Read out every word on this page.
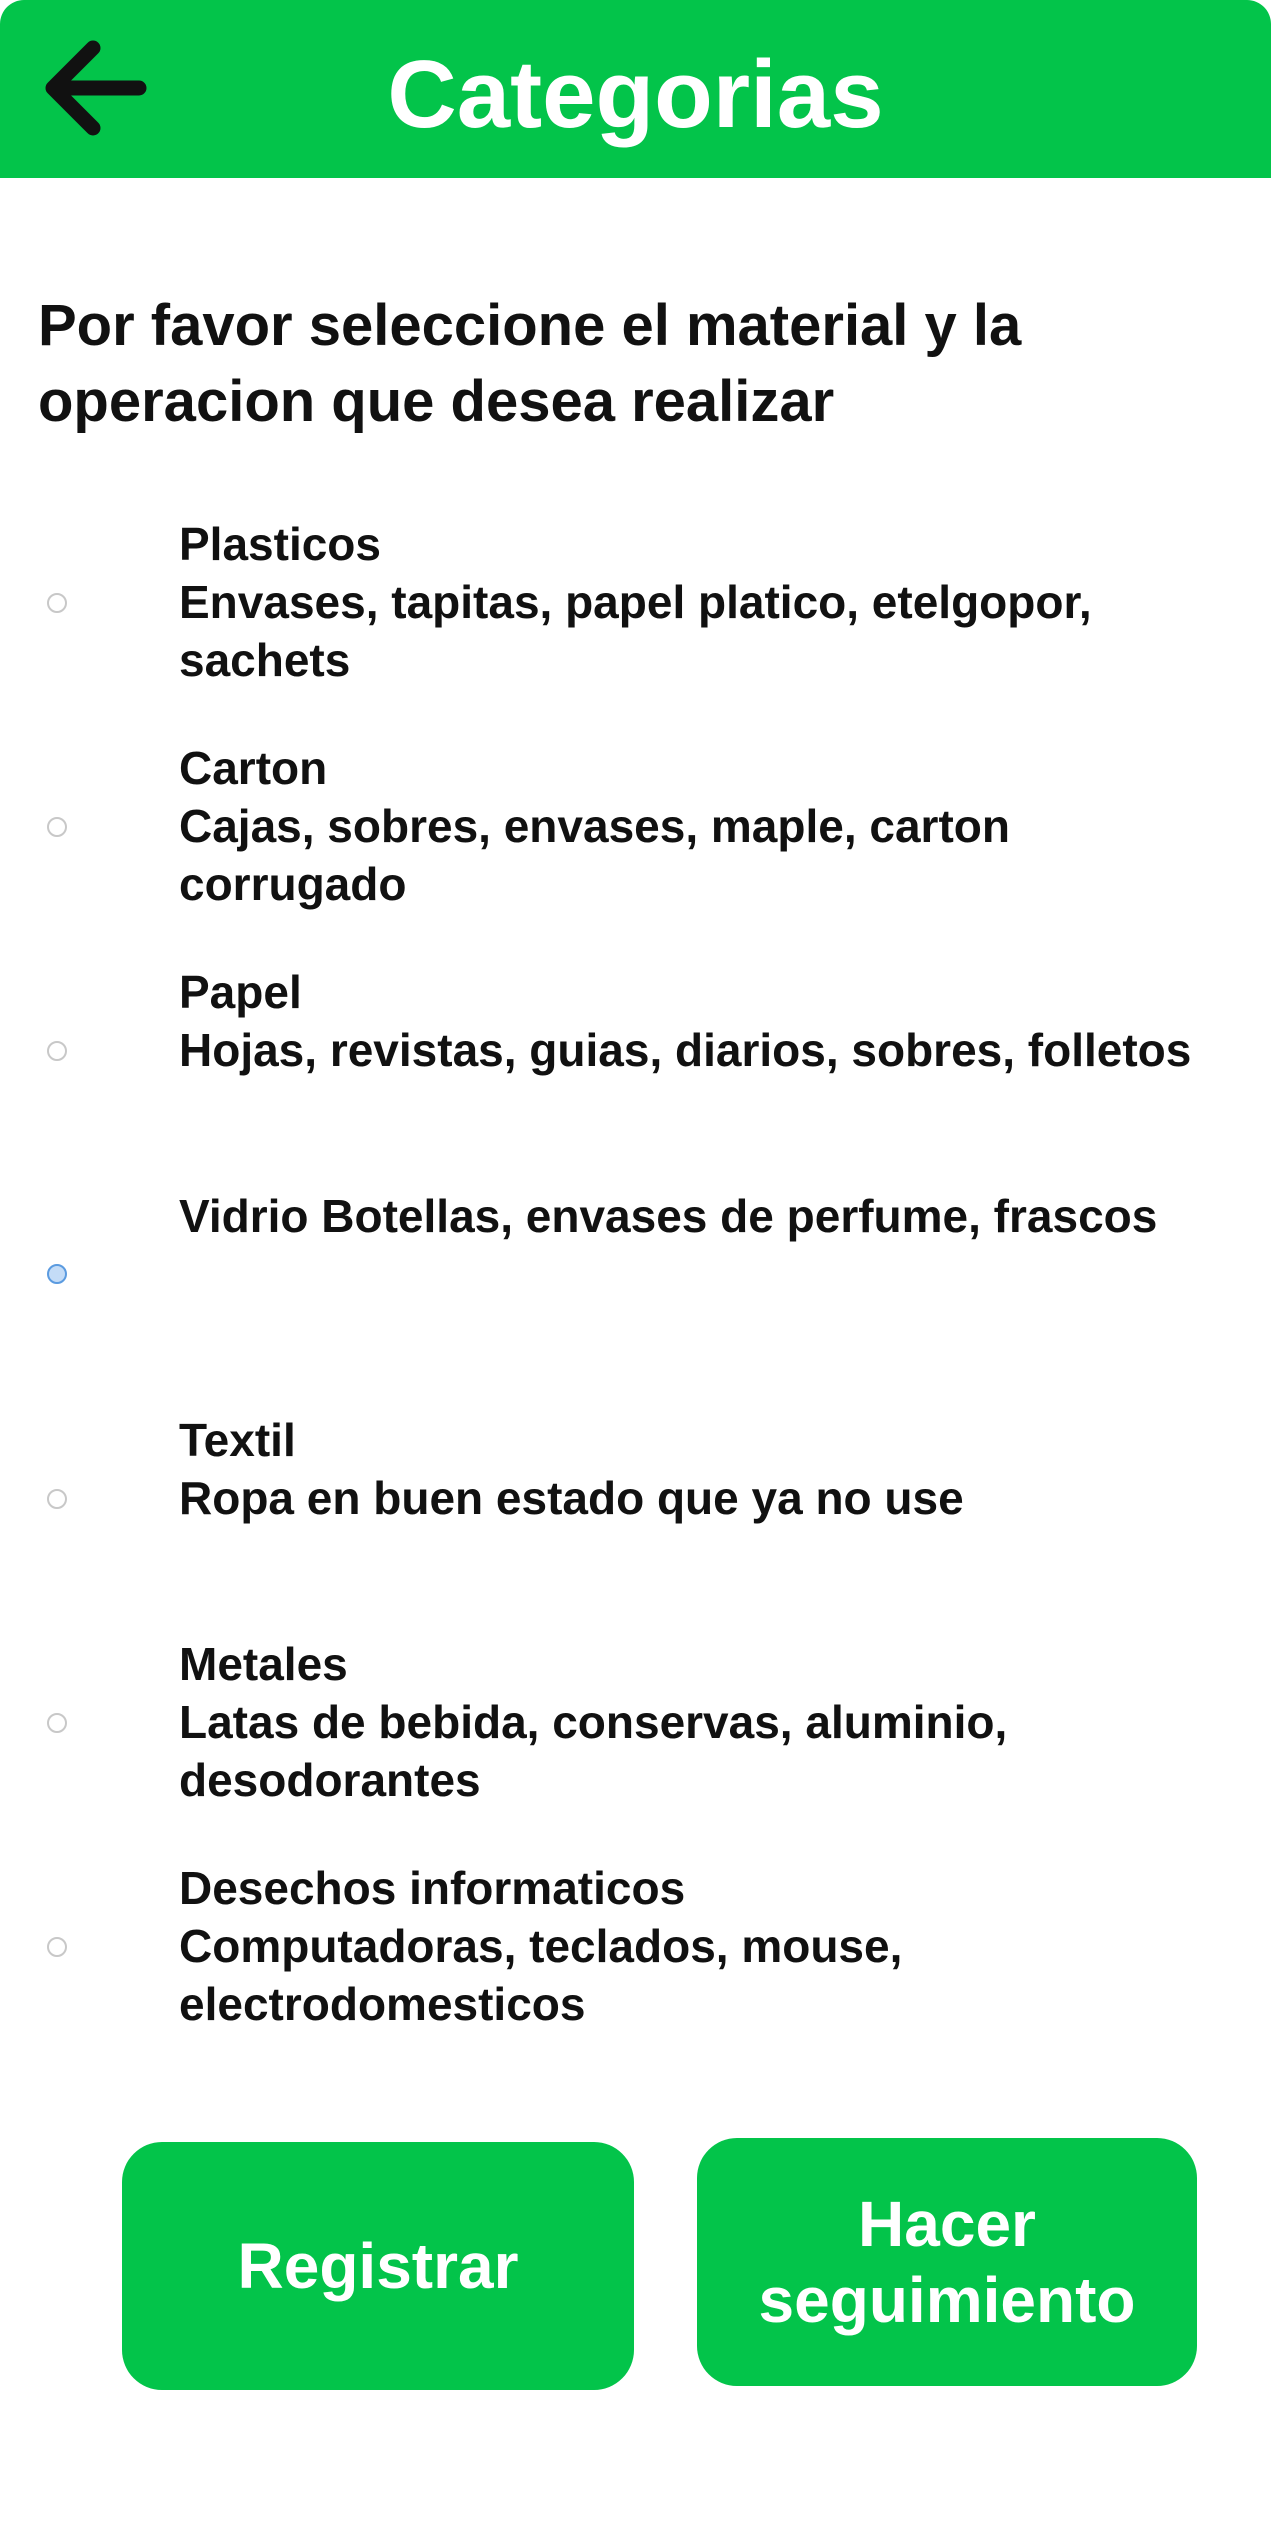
Categorias
Por favor seleccione el material y la operacion que desea realizar
Plasticos
Envases, tapitas, papel platico, etelgopor, sachets
Carton
Cajas, sobres, envases, maple, carton corrugado
Papel
Hojas, revistas, guias, diarios, sobres, folletos
Vidrio Botellas, envases de perfume, frascos
Textil
Ropa en buen estado que ya no use
Metales
Latas de bebida, conservas, aluminio, desodorantes
Desechos informaticos
Computadoras, teclados, mouse, electrodomesticos
Registrar
Hacer seguimiento
